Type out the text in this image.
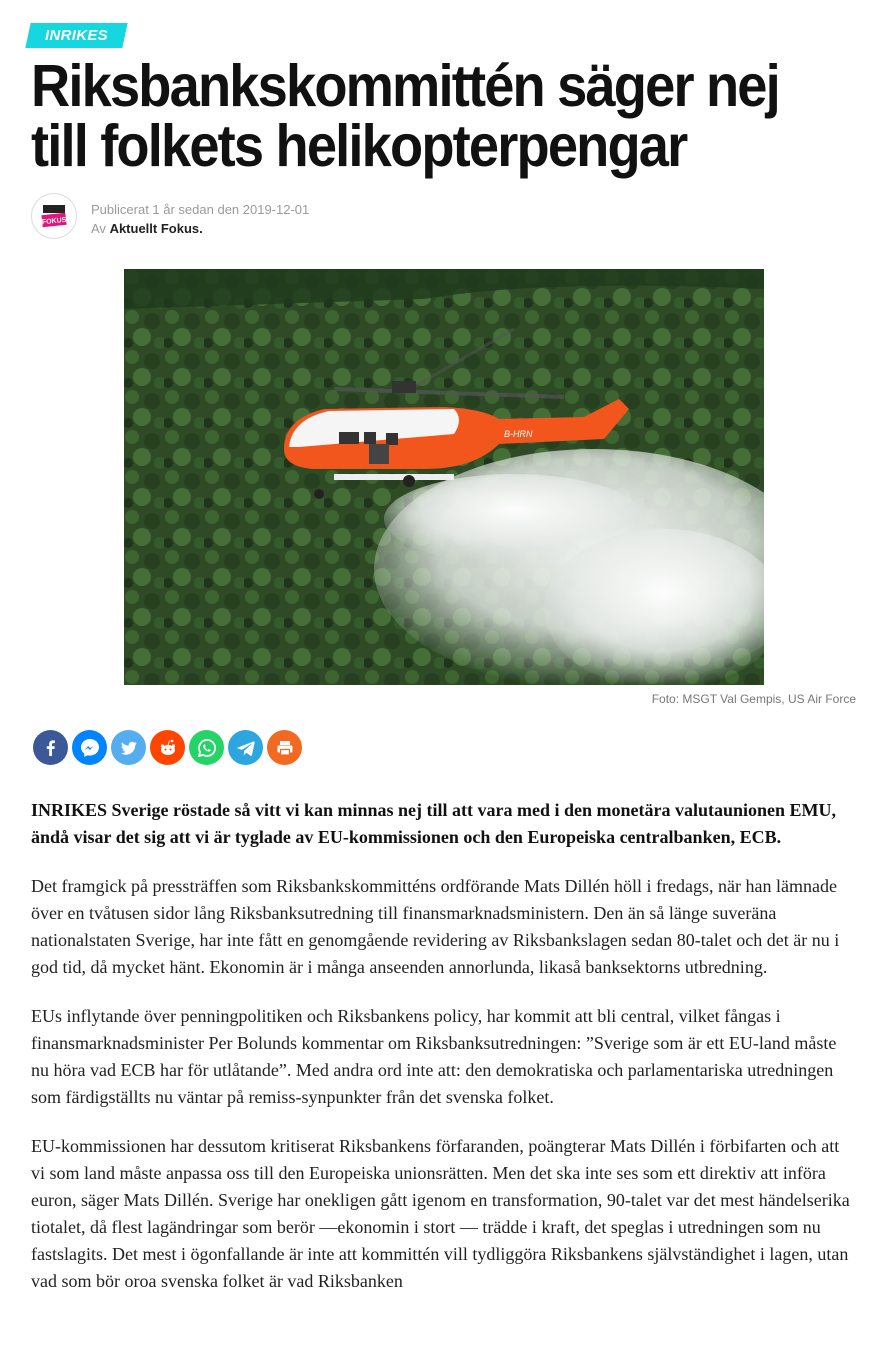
INRIKES
Riksbankskommittén säger nej till folkets helikopterpengar
FOKUS
Publicerat 1 år sedan den 2019-12-01
Av Aktuellt Fokus.
B-HRN
Foto: MSGT Val Gempis, US Air Force

INRIKES Sverige röstade så vitt vi kan minnas nej till att vara med i den monetära valutaunionen EMU, ändå visar det sig att vi är tyglade av EU-kommissionen och den Europeiska centralbanken, ECB.

Det framgick på pressträffen som Riksbankskommitténs ordförande Mats Dillén höll i fredags, när han lämnade över en tvåtusen sidor lång Riksbanksutredning till finansmarknadsministern. Den än så länge suveräna nationalstaten Sverige, har inte fått en genomgående revidering av Riksbankslagen sedan 80-talet och det är nu i god tid, då mycket hänt. Ekonomin är i många anseenden annorlunda, likaså banksektorns utbredning.

EUs inflytande över penningpolitiken och Riksbankens policy, har kommit att bli central, vilket fångas i finansmarknadsminister Per Bolunds kommentar om Riksbanksutredningen: ”Sverige som är ett EU-land måste nu höra vad ECB har för utlåtande”. Med andra ord inte att: den demokratiska och parlamentariska utredningen som färdigställts nu väntar på remiss-synpunkter från det svenska folket.

EU-kommissionen har dessutom kritiserat Riksbankens förfaranden, poängterar Mats Dillén i förbifarten och att vi som land måste anpassa oss till den Europeiska unionsrätten. Men det ska inte ses som ett direktiv att införa euron, säger Mats Dillén. Sverige har onekligen gått igenom en transformation, 90-talet var det mest händelserika tiotalet, då flest lagändringar som berör —ekonomin i stort — trädde i kraft, det speglas i utredningen som nu fastslagits. Det mest i ögonfallande är inte att kommittén vill tydliggöra Riksbankens självständighet i lagen, utan vad som bör oroa svenska folket är vad Riksbanken
